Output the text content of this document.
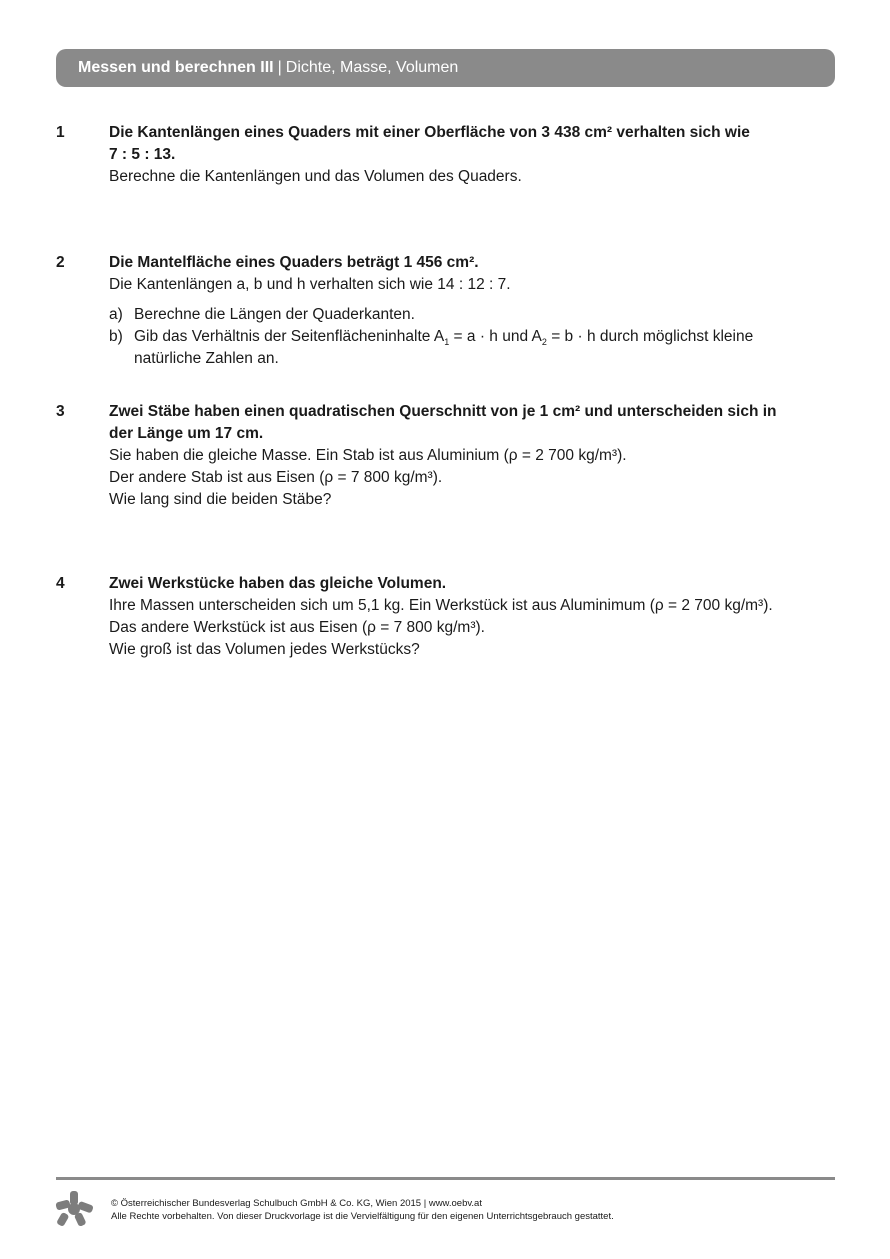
Messen und berechnen III | Dichte, Masse, Volumen
1	Die Kantenlängen eines Quaders mit einer Oberfläche von 3 438 cm² verhalten sich wie
7 : 5 : 13.
Berechne die Kantenlängen und das Volumen des Quaders.
2	Die Mantelfläche eines Quaders beträgt 1 456 cm².
Die Kantenlängen a, b und h verhalten sich wie 14 : 12 : 7.
a) Berechne die Längen der Quaderkanten.
b) Gib das Verhältnis der Seitenflächeninhalte $A_1 = a \cdot h$ und $A_2 = b \cdot h$ durch möglichst kleine
natürliche Zahlen an.
3	Zwei Stäbe haben einen quadratischen Querschnitt von je 1 cm² und unterscheiden sich in
der Länge um 17 cm.
Sie haben die gleiche Masse. Ein Stab ist aus Aluminium (ρ = 2 700 kg/m³).
Der andere Stab ist aus Eisen (ρ = 7 800 kg/m³).
Wie lang sind die beiden Stäbe?
4	Zwei Werkstücke haben das gleiche Volumen.
Ihre Massen unterscheiden sich um 5,1 kg. Ein Werkstück ist aus Aluminimum (ρ = 2 700 kg/m³).
Das andere Werkstück ist aus Eisen (ρ = 7 800 kg/m³).
Wie groß ist das Volumen jedes Werkstücks?
© Österreichischer Bundesverlag Schulbuch GmbH & Co. KG, Wien 2015 | www.oebv.at
Alle Rechte vorbehalten. Von dieser Druckvorlage ist die Vervielfältigung für den eigenen Unterrichtsgebrauch gestattet.
